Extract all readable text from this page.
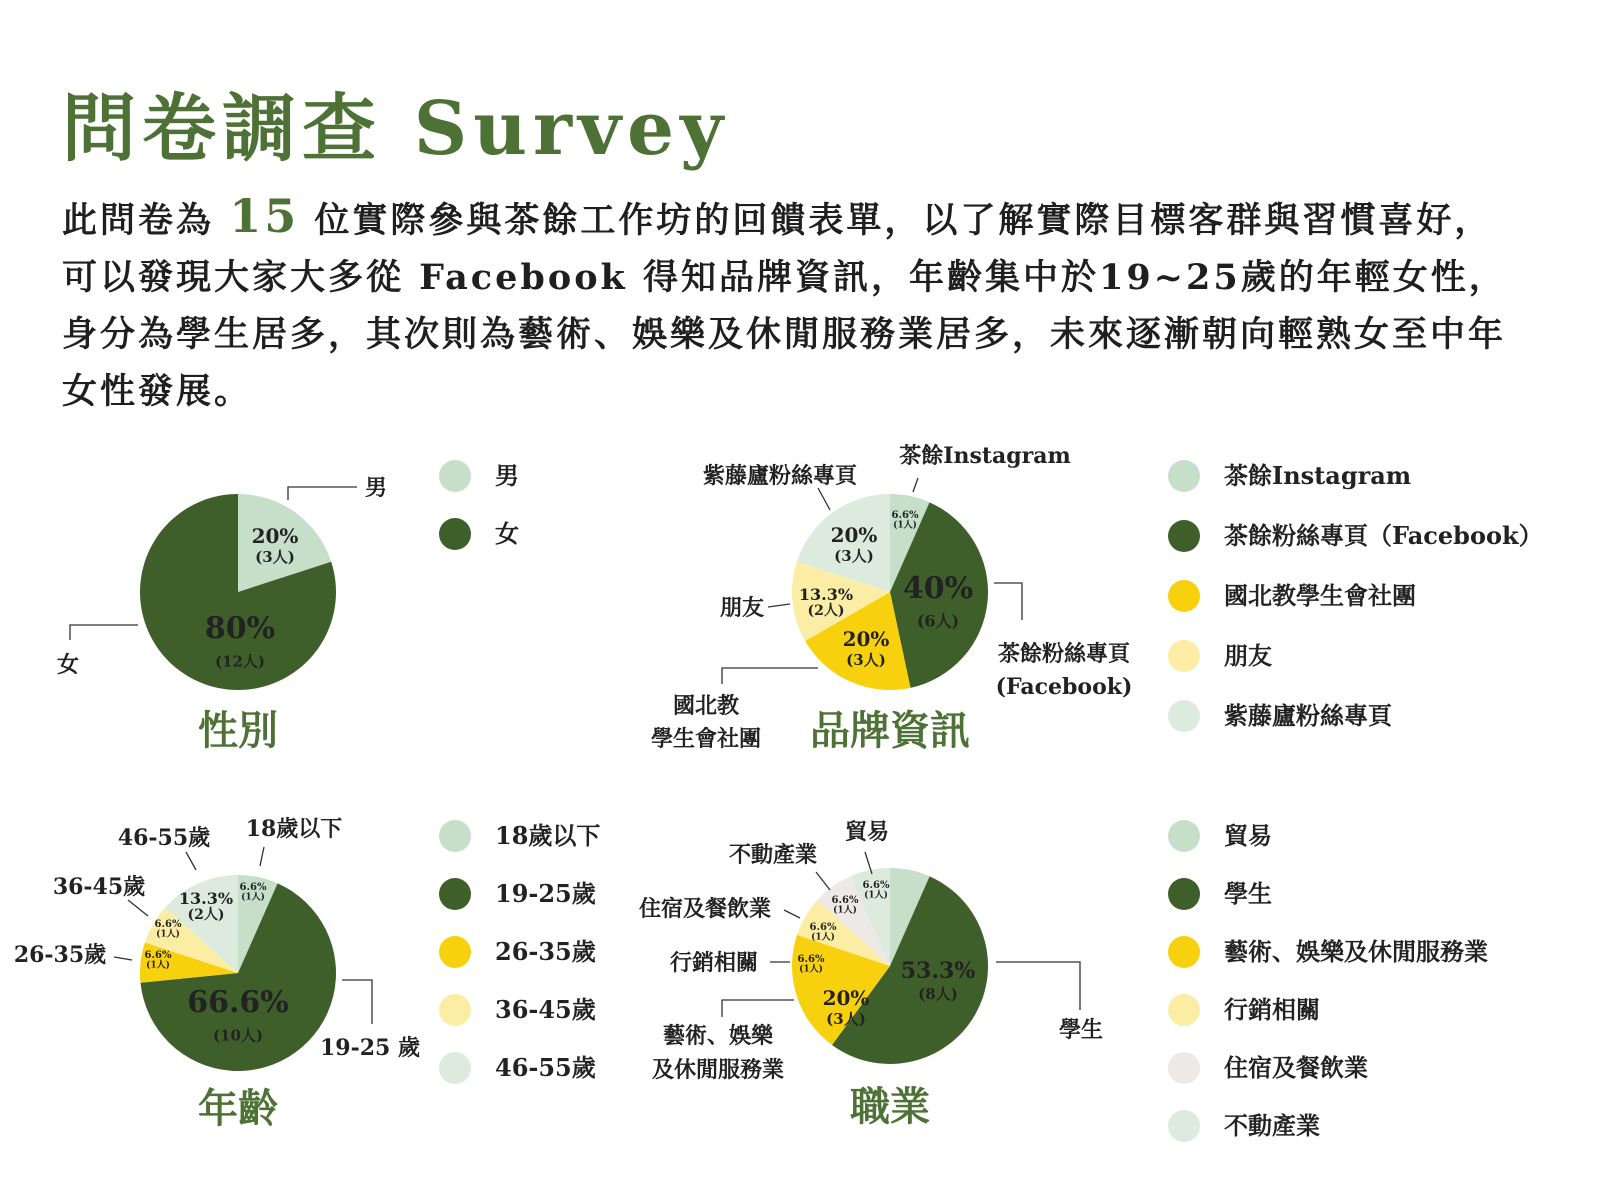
問卷調查 Survey
此問卷為 15 位實際參與茶餘工作坊的回饋表單，以了解實際目標客群與習慣喜好，可以發現大家大多從 Facebook 得知品牌資訊，年齡集中於19~25歲的年輕女性，身分為學生居多，其次則為藝術、娛樂及休閒服務業居多，未來逐漸朝向輕熟女至中年女性發展。
20%
(3人)
80%
(12人)
男
女
性別
男
女
6.6%
(1人)
40%
(6人)
20%
(3人)
13.3%
(2人)
20%
(3人)
茶餘Instagram
茶餘粉絲專頁
(Facebook)
國北教
學生會社團
朋友
紫藤廬粉絲專頁
品牌資訊
茶餘Instagram
茶餘粉絲專頁（Facebook）
國北教學生會社團
朋友
紫藤廬粉絲專頁
6.6%
(1人)
66.6%
(10人)
6.6%
(1人)
6.6%
(1人)
13.3%
(2人)
18歲以下
19-25 歲
26-35歲
36-45歲
46-55歲
年齡
18歲以下
19-25歲
26-35歲
36-45歲
46-55歲
6.6%
(1人)
53.3%
(8人)
20%
(3人)
6.6%
(1人)
6.6%
(1人)
6.6%
(1人)
貿易
學生
藝術、娛樂
及休閒服務業
行銷相關
住宿及餐飲業
不動產業
職業
貿易
學生
藝術、娛樂及休閒服務業
行銷相關
住宿及餐飲業
不動產業
